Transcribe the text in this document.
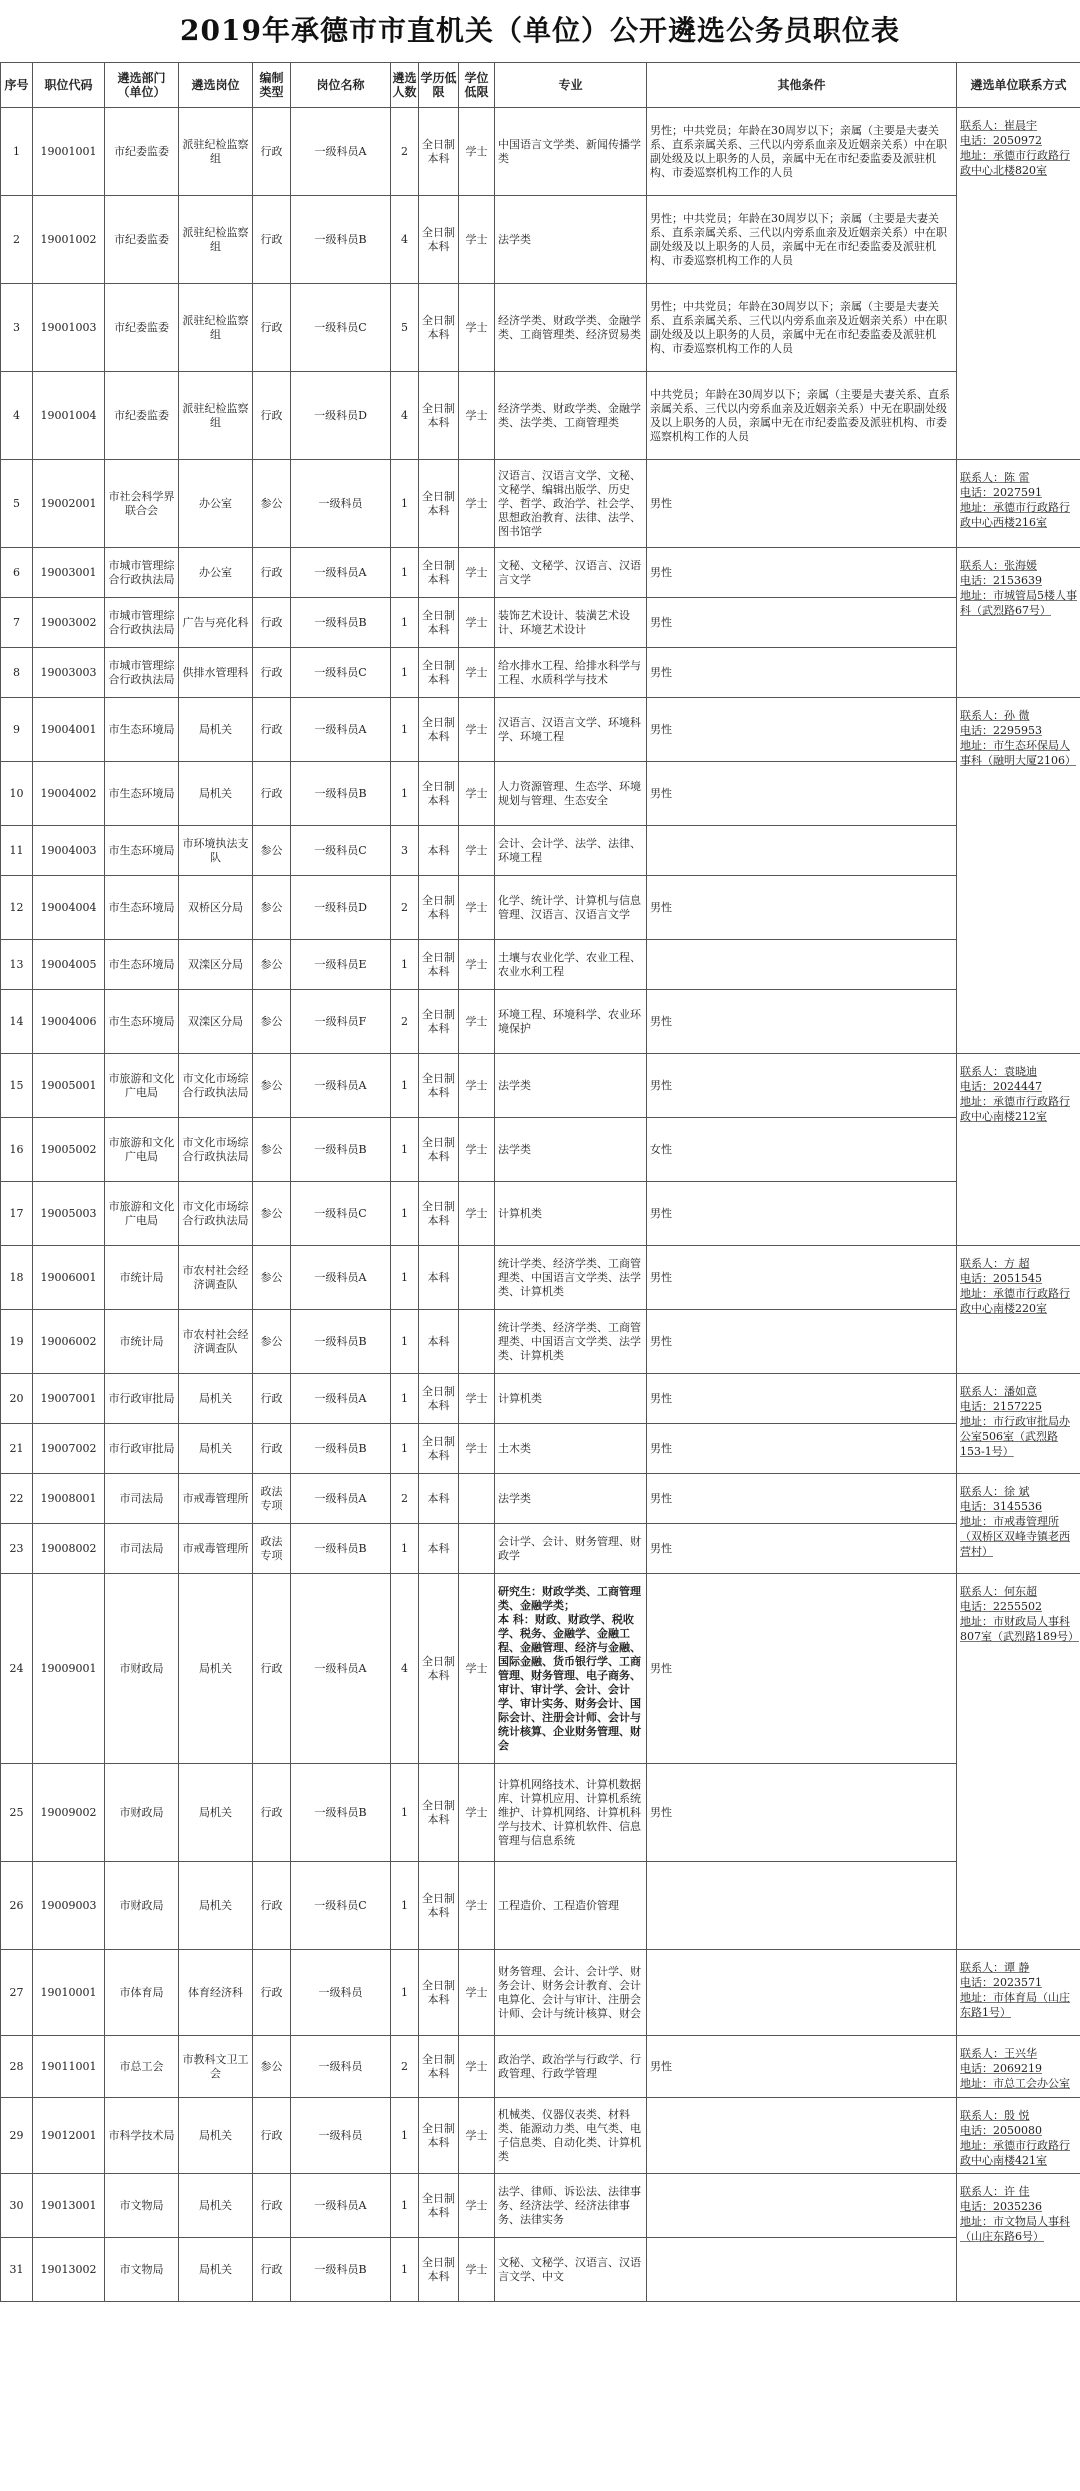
2019年承德市市直机关（单位）公开遴选公务员职位表
序号	职位代码	遴选部门（单位）	遴选岗位	编制类型	岗位名称	遴选人数	学历低限	学位低限	专业	其他条件	遴选单位联系方式
1	19001001	市纪委监委	派驻纪检监察组	行政	一级科员A	2	全日制本科	学士	中国语言文学类、新闻传播学类	男性；中共党员；年龄在30周岁以下；亲属（主要是夫妻关系、直系亲属关系、三代以内旁系血亲及近姻亲关系）中在职副处级及以上职务的人员，亲属中无在市纪委监委及派驻机构、市委巡察机构工作的人员	联系人：崔晨宇
电话：2050972
地址：承德市行政路行政中心北楼820室

2	19001002	市纪委监委	派驻纪检监察组	行政	一级科员B	4	全日制本科	学士	法学类	男性；中共党员；年龄在30周岁以下；亲属（主要是夫妻关系、直系亲属关系、三代以内旁系血亲及近姻亲关系）中在职副处级及以上职务的人员，亲属中无在市纪委监委及派驻机构、市委巡察机构工作的人员	
3	19001003	市纪委监委	派驻纪检监察组	行政	一级科员C	5	全日制本科	学士	经济学类、财政学类、金融学类、工商管理类、经济贸易类	男性；中共党员；年龄在30周岁以下；亲属（主要是夫妻关系、直系亲属关系、三代以内旁系血亲及近姻亲关系）中在职副处级及以上职务的人员，亲属中无在市纪委监委及派驻机构、市委巡察机构工作的人员	
4	19001004	市纪委监委	派驻纪检监察组	行政	一级科员D	4	全日制本科	学士	经济学类、财政学类、金融学类、法学类、工商管理类	中共党员；年龄在30周岁以下；亲属（主要是夫妻关系、直系亲属关系、三代以内旁系血亲及近姻亲关系）中无在职副处级及以上职务的人员，亲属中无在市纪委监委及派驻机构、市委巡察机构工作的人员	
5	19002001	市社会科学界联合会	办公室	参公	一级科员	1	全日制本科	学士	汉语言、汉语言文学、文秘、文秘学、编辑出版学、历史学、哲学、政治学、社会学、思想政治教育、法律、法学、图书馆学	男性	联系人：陈 雷
电话：2027591
地址：承德市行政路行政中心西楼216室

6	19003001	市城市管理综合行政执法局	办公室	行政	一级科员A	1	全日制本科	学士	文秘、文秘学、汉语言、汉语言文学	男性	联系人：张海媛
电话：2153639
地址：市城管局5楼人事科（武烈路67号）

7	19003002	市城市管理综合行政执法局	广告与亮化科	行政	一级科员B	1	全日制本科	学士	装饰艺术设计、装潢艺术设计、环境艺术设计	男性	
8	19003003	市城市管理综合行政执法局	供排水管理科	行政	一级科员C	1	全日制本科	学士	给水排水工程、给排水科学与工程、水质科学与技术	男性	
9	19004001	市生态环境局	局机关	行政	一级科员A	1	全日制本科	学士	汉语言、汉语言文学、环境科学、环境工程	男性	联系人：孙 微
电话：2295953
地址：市生态环保局人事科（融明大厦2106）

10	19004002	市生态环境局	局机关	行政	一级科员B	1	全日制本科	学士	人力资源管理、生态学、环境规划与管理、生态安全	男性	
11	19004003	市生态环境局	市环境执法支队	参公	一级科员C	3	本科	学士	会计、会计学、法学、法律、环境工程		
12	19004004	市生态环境局	双桥区分局	参公	一级科员D	2	全日制本科	学士	化学、统计学、计算机与信息管理、汉语言、汉语言文学	男性	
13	19004005	市生态环境局	双滦区分局	参公	一级科员E	1	全日制本科	学士	土壤与农业化学、农业工程、农业水利工程		
14	19004006	市生态环境局	双滦区分局	参公	一级科员F	2	全日制本科	学士	环境工程、环境科学、农业环境保护	男性	
15	19005001	市旅游和文化广电局	市文化市场综合行政执法局	参公	一级科员A	1	全日制本科	学士	法学类	男性	联系人：袁晓迪
电话：2024447
地址：承德市行政路行政中心南楼212室

16	19005002	市旅游和文化广电局	市文化市场综合行政执法局	参公	一级科员B	1	全日制本科	学士	法学类	女性	
17	19005003	市旅游和文化广电局	市文化市场综合行政执法局	参公	一级科员C	1	全日制本科	学士	计算机类	男性	
18	19006001	市统计局	市农村社会经济调查队	参公	一级科员A	1	本科		统计学类、经济学类、工商管理类、中国语言文学类、法学类、计算机类	男性	联系人：方 超
电话：2051545
地址：承德市行政路行政中心南楼220室

19	19006002	市统计局	市农村社会经济调查队	参公	一级科员B	1	本科		统计学类、经济学类、工商管理类、中国语言文学类、法学类、计算机类	男性	
20	19007001	市行政审批局	局机关	行政	一级科员A	1	全日制本科	学士	计算机类	男性	联系人：潘如意
电话：2157225
地址：市行政审批局办公室506室（武烈路153-1号）

21	19007002	市行政审批局	局机关	行政	一级科员B	1	全日制本科	学士	土木类	男性	
22	19008001	市司法局	市戒毒管理所	政法专项	一级科员A	2	本科		法学类	男性	联系人：徐 斌
电话：3145536
地址：市戒毒管理所（双桥区双峰寺镇老西营村）

23	19008002	市司法局	市戒毒管理所	政法专项	一级科员B	1	本科		会计学、会计、财务管理、财政学	男性	
24	19009001	市财政局	局机关	行政	一级科员A	4	全日制本科	学士	研究生：财政学类、工商管理类、金融学类；
本 科：财政、财政学、税收学、税务、金融学、金融工程、金融管理、经济与金融、国际金融、货币银行学、工商管理、财务管理、电子商务、审计、审计学、会计、会计学、审计实务、财务会计、国际会计、注册会计师、会计与统计核算、企业财务管理、财会	男性	联系人：何东超
电话：2255502
地址：市财政局人事科807室（武烈路189号）

25	19009002	市财政局	局机关	行政	一级科员B	1	全日制本科	学士	计算机网络技术、计算机数据库、计算机应用、计算机系统维护、计算机网络、计算机科学与技术、计算机软件、信息管理与信息系统	男性	
26	19009003	市财政局	局机关	行政	一级科员C	1	全日制本科	学士	工程造价、工程造价管理		
27	19010001	市体育局	体育经济科	行政	一级科员	1	全日制本科	学士	财务管理、会计、会计学、财务会计、财务会计教育、会计电算化、会计与审计、注册会计师、会计与统计核算、财会		联系人：谭 静
电话：2023571
地址：市体育局（山庄东路1号）

28	19011001	市总工会	市教科文卫工会	参公	一级科员	2	全日制本科	学士	政治学、政治学与行政学、行政管理、行政学管理	男性	联系人：王兴华
电话：2069219
地址：市总工会办公室

29	19012001	市科学技术局	局机关	行政	一级科员	1	全日制本科	学士	机械类、仪器仪表类、材料类、能源动力类、电气类、电子信息类、自动化类、计算机类		联系人：殷 悦
电话：2050080
地址：承德市行政路行政中心南楼421室

30	19013001	市文物局	局机关	行政	一级科员A	1	全日制本科	学士	法学、律师、诉讼法、法律事务、经济法学、经济法律事务、法律实务		联系人：许 佳
电话：2035236
地址：市文物局人事科（山庄东路6号）

31	19013002	市文物局	局机关	行政	一级科员B	1	全日制本科	学士	文秘、文秘学、汉语言、汉语言文学、中文		
